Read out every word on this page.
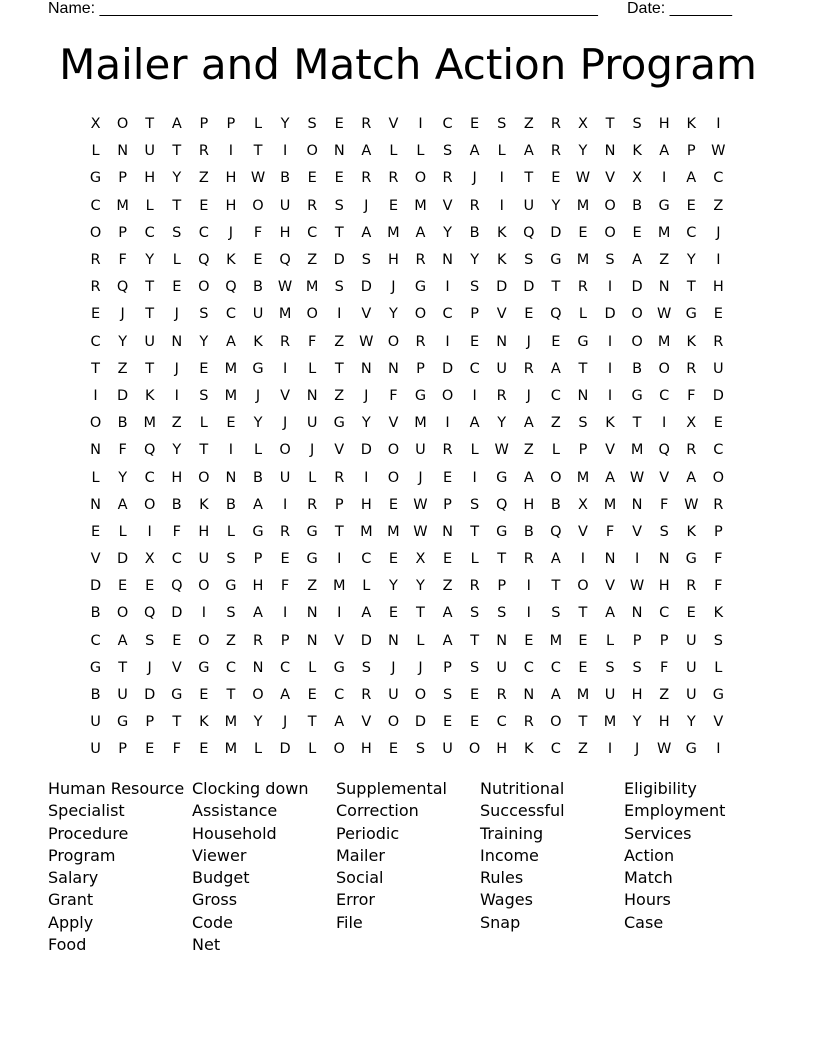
Name: ________________________________________________________ Date: _______
Mailer and Match Action Program
X	O	T	A	P	P	L	Y	S	E	R	V	I	C	E	S	Z	R	X	T	S	H	K	I
L	N	U	T	R	I	T	I	O	N	A	L	L	S	A	L	A	R	Y	N	K	A	P	W
G	P	H	Y	Z	H W	B	E	E	R	R	O	R	J	I	T	E	W	V	X	I	A	C
C	M	L	T	E	H	O	U	R	S	J	E	M	V	R	I	U	Y	M	O	B	G	E	Z
O	P	C	S	C	J	F	H	C	T	A	M	A	Y	B	K	Q	D	E	O	E	M	C	J
R	F	Y	L	Q	K	E	Q	Z	D	S	H	R	N	Y	K	S	G	M	S	A	Z	Y	I
R	Q	T	E	O	Q	B	W M	S	D	J	G	I	S	D	D	T	R	I	D	N	T	H
E	J	T	J	S	C	U	M	O	I	V	Y	O	C	P	V	E	Q	L	D	O W G	E
C	Y	U	N	Y	A	K	R	F	Z	W O	R	I	E	N	J	E	G	I	O	M	K	R
T	Z	T	J	E	M	G	I	L	T	N	N	P	D	C	U	R	A	T	I	B	O	R	U
I	D	K	I	S	M	J	V	N	Z	J	F	G	O	I	R	J	C	N	I	G	C	F	D
O	B	M	Z	L	E	Y	J	U	G	Y	V	M	I	A	Y	A	Z	S	K	T	I	X	E
N	F	Q	Y	T	I	L	O	J	V	D	O	U	R	L	W	Z	L	P	V	M	Q	R	C
L	Y	C	H	O	N	B	U	L	R	I	O	J	E	I	G	A	O	M	A	W	V	A	O
N	A	O	B	K	B	A	I	R	P	H	E	W	P	S	Q	H	B	X	M	N	F	W	R
E	L	I	F	H	L	G	R	G	T	M	M W N	T	G	B	Q	V	F	V	S	K	P
V	D	X	C	U	S	P	E	G	I	C	E	X	E	L	T	R	A	I	N	I	N	G	F
D	E	E	Q	O	G	H	F	Z	M	L	Y	Y	Z	R	P	I	T	O	V	W H	R	F
B	O	Q	D	I	S	A	I	N	I	A	E	T	A	S	S	I	S	T	A	N	C	E	K
C	A	S	E	O	Z	R	P	N	V	D	N	L	A	T	N	E	M	E	L	P	P	U	S
G	T	J	V	G	C	N	C	L	G	S	J	J	P	S	U	C	C	E	S	S	F	U	L
B	U	D	G	E	T	O	A	E	C	R	U	O	S	E	R	N	A	M	U	H	Z	U	G
U	G	P	T	K	M	Y	J	T	A	V	O	D	E	E	C	R	O	T	M	Y	H	Y	V
U	P	E	F	E	M	L	D	L	O	H	E	S	U	O	H	K	C	Z	I	J	W G	I
Human Resource
Specialist
Procedure
Program
Salary
Grant
Apply
Food
Clocking down
Assistance
Household
Viewer
Budget
Gross
Code
Net
Supplemental
Correction
Periodic
Mailer
Social
Error
File
Nutritional
Successful
Training
Income
Rules
Wages
Snap
Eligibility
Employment
Services
Action
Match
Hours
Case
